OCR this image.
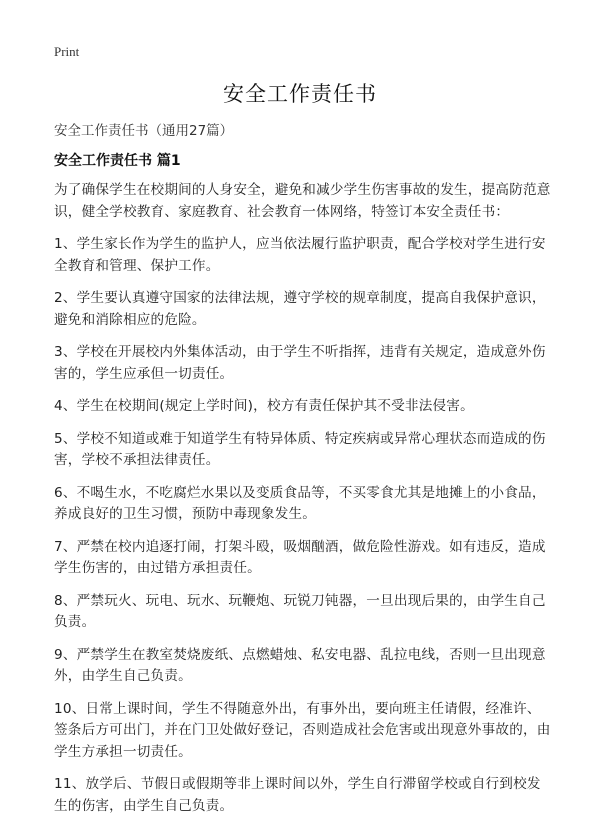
Print
安全工作责任书
安全工作责任书（通用27篇）
安全工作责任书 篇1

为了确保学生在校期间的人身安全，避免和减少学生伤害事故的发生，提高防范意识，健全学校教育、家庭教育、社会教育一体网络，特签订本安全责任书：

1、学生家长作为学生的监护人，应当依法履行监护职责，配合学校对学生进行安全教育和管理、保护工作。

2、学生要认真遵守国家的法律法规，遵守学校的规章制度，提高自我保护意识，避免和消除相应的危险。

3、学校在开展校内外集体活动，由于学生不听指挥，违背有关规定，造成意外伤害的，学生应承但一切责任。

4、学生在校期间(规定上学时间)，校方有责任保护其不受非法侵害。

5、学校不知道或难于知道学生有特异体质、特定疾病或异常心理状态而造成的伤害，学校不承担法律责任。

6、不喝生水，不吃腐烂水果以及变质食品等，不买零食尤其是地摊上的小食品，养成良好的卫生习惯，预防中毒现象发生。

7、严禁在校内追逐打闹，打架斗殴，吸烟酗酒，做危险性游戏。如有违反，造成学生伤害的，由过错方承担责任。

8、严禁玩火、玩电、玩水、玩鞭炮、玩锐刀钝器，一旦出现后果的，由学生自己负责。

9、严禁学生在教室焚烧废纸、点燃蜡烛、私安电器、乱拉电线，否则一旦出现意外，由学生自己负责。

10、日常上课时间，学生不得随意外出，有事外出，要向班主任请假，经准许、签条后方可出门，并在门卫处做好登记，否则造成社会危害或出现意外事故的，由学生方承担一切责任。

11、放学后、节假日或假期等非上课时间以外，学生自行滞留学校或自行到校发生的伤害，由学生自己负责。
